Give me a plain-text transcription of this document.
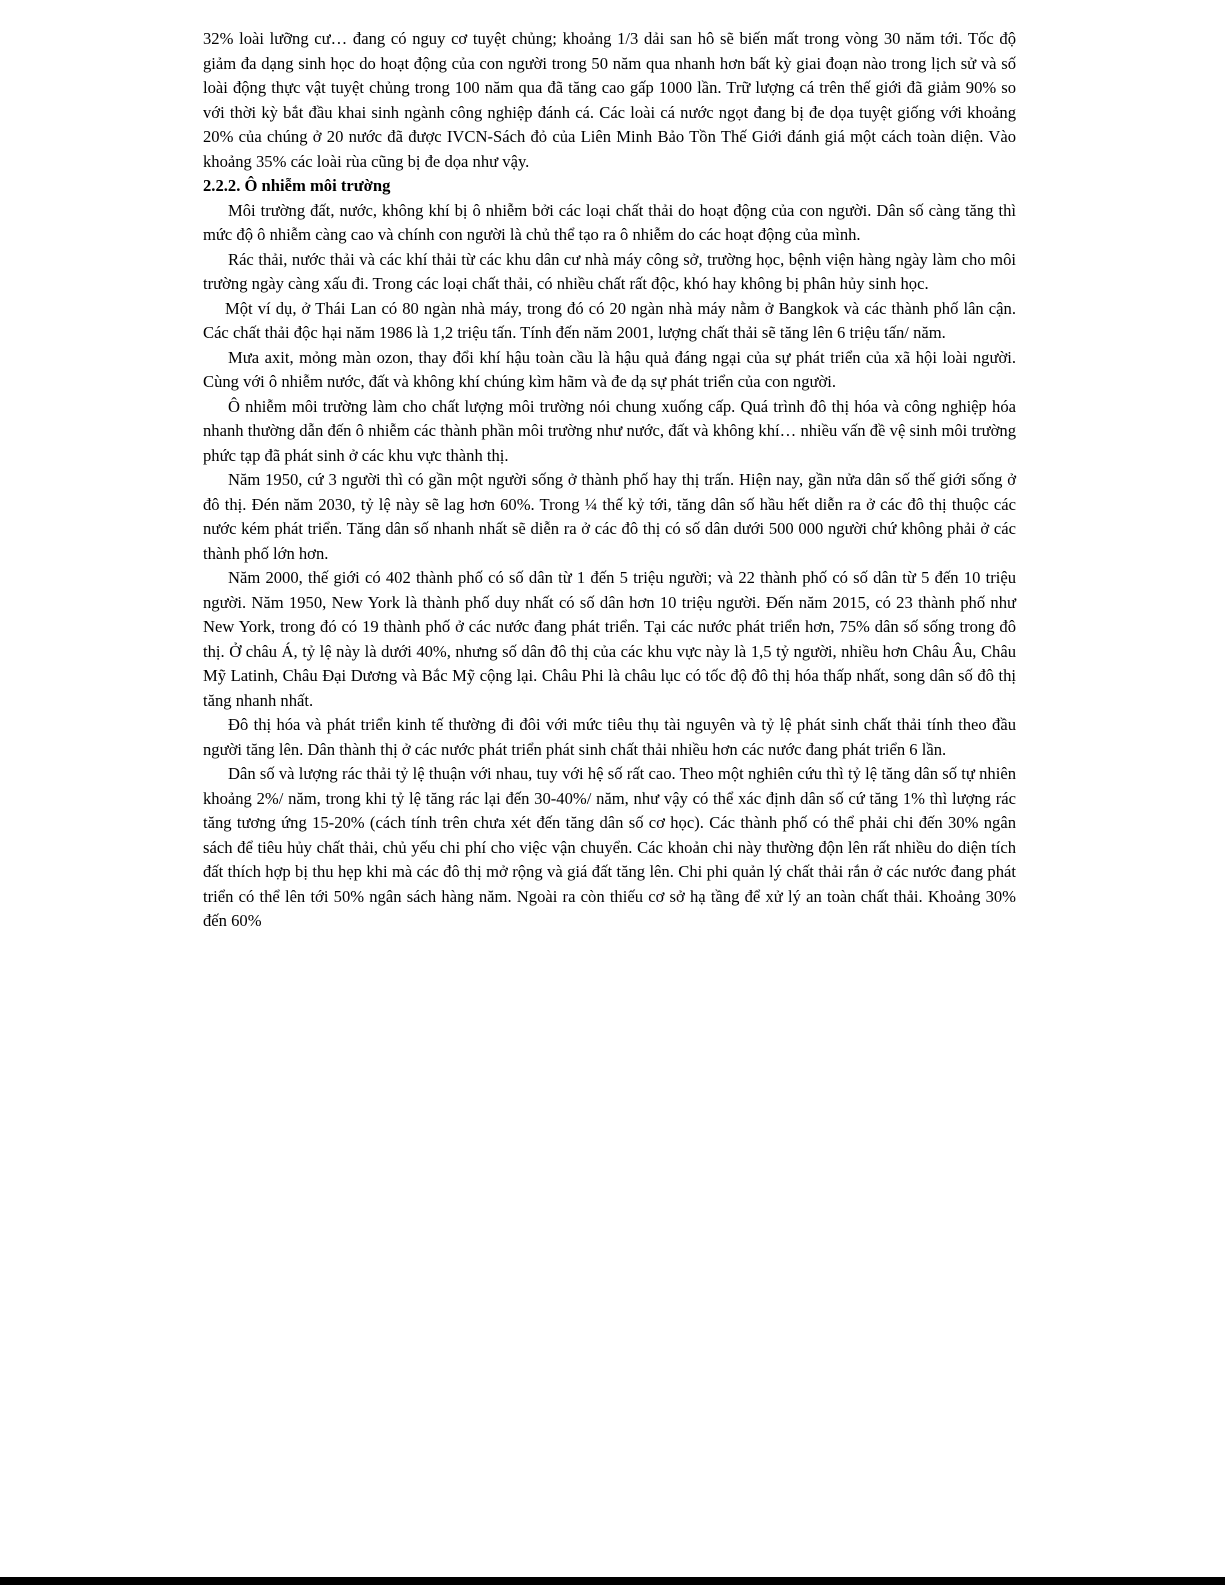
32% loài lưỡng cư… đang có nguy cơ tuyệt chủng; khoảng 1/3 dải san hô sẽ biến mất trong vòng 30 năm tới. Tốc độ giảm đa dạng sinh học do hoạt động của con người trong 50 năm qua nhanh hơn bất kỳ giai đoạn nào trong lịch sử và số loài động thực vật tuyệt chủng trong 100 năm qua đã tăng cao gấp 1000 lần. Trữ lượng cá trên thế giới đã giảm 90% so với thời kỳ bắt đầu khai sinh ngành công nghiệp đánh cá. Các loài cá nước ngọt đang bị đe dọa tuyệt giống với khoảng 20% của chúng ở 20 nước đã được IVCN-Sách đỏ của Liên Minh Bảo Tồn Thế Giới đánh giá một cách toàn diện. Vào khoảng 35% các loài rùa cũng bị đe dọa như vậy.

2.2.2. Ô nhiễm môi trường

Môi trường đất, nước, không khí bị ô nhiễm bởi các loại chất thải do hoạt động của con người. Dân số càng tăng thì mức độ ô nhiễm càng cao và chính con người là chủ thể tạo ra ô nhiễm do các hoạt động của mình.

Rác thải, nước thải và các khí thải từ các khu dân cư nhà máy công sở, trường học, bệnh viện hàng ngày làm cho môi trường ngày càng xấu đi. Trong các loại chất thải, có nhiều chất rất độc, khó hay không bị phân hủy sinh học.

Một ví dụ, ở Thái Lan có 80 ngàn nhà máy, trong đó có 20 ngàn nhà máy nằm ở Bangkok và các thành phố lân cận. Các chất thải độc hại năm 1986 là 1,2 triệu tấn. Tính đến năm 2001, lượng chất thải sẽ tăng lên 6 triệu tấn/ năm.

Mưa axit, mỏng màn ozon, thay đổi khí hậu toàn cầu là hậu quả đáng ngại của sự phát triển của xã hội loài người. Cùng với ô nhiễm nước, đất và không khí chúng kìm hãm và đe dạ sự phát triển của con người.

Ô nhiễm môi trường làm cho chất lượng môi trường nói chung xuống cấp. Quá trình đô thị hóa và công nghiệp hóa nhanh thường dẫn đến ô nhiễm các thành phần môi trường như nước, đất và không khí… nhiều vấn đề vệ sinh môi trường phức tạp đã phát sinh ở các khu vực thành thị.

Năm 1950, cứ 3 người thì có gần một người sống ở thành phố hay thị trấn. Hiện nay, gần nửa dân số thế giới sống ở đô thị. Đén năm 2030, tỷ lệ này sẽ lag hơn 60%. Trong ¼ thế kỷ tới, tăng dân số hầu hết diễn ra ở các đô thị thuộc các nước kém phát triển. Tăng dân số nhanh nhất sẽ diễn ra ở các đô thị có số dân dưới 500 000 người chứ không phải ở các thành phố lớn hơn.

Năm 2000, thế giới có 402 thành phố có số dân từ 1 đến 5 triệu người; và 22 thành phố có số dân từ 5 đến 10 triệu người. Năm 1950, New York là thành phố duy nhất có số dân hơn 10 triệu người. Đến năm 2015, có 23 thành phố như New York, trong đó có 19 thành phố ở các nước đang phát triển. Tại các nước phát triển hơn, 75% dân số sống trong đô thị. Ở châu Á, tỷ lệ này là dưới 40%, nhưng số dân đô thị của các khu vực này là 1,5 tỷ người, nhiều hơn Châu Âu, Châu Mỹ Latinh, Châu Đại Dương và Bắc Mỹ cộng lại. Châu Phi là châu lục có tốc độ đô thị hóa thấp nhất, song dân số đô thị tăng nhanh nhất.

Đô thị hóa và phát triển kinh tế thường đi đôi với mức tiêu thụ tài nguyên và tỷ lệ phát sinh chất thải tính theo đầu người tăng lên. Dân thành thị ở các nước phát triển phát sinh chất thải nhiều hơn các nước đang phát triển 6 lần.

Dân số và lượng rác thải tỷ lệ thuận với nhau, tuy với hệ số rất cao. Theo một nghiên cứu thì tỷ lệ tăng dân số tự nhiên khoảng 2%/ năm, trong khi tỷ lệ tăng rác lại đến 30-40%/ năm, như vậy có thể xác định dân số cứ tăng 1% thì lượng rác tăng tương ứng 15-20% (cách tính trên chưa xét đến tăng dân số cơ học). Các thành phố có thể phải chi đến 30% ngân sách để tiêu hủy chất thải, chủ yếu chi phí cho việc vận chuyển. Các khoản chi này thường độn lên rất nhiều do diện tích đất thích hợp bị thu hẹp khi mà các đô thị mở rộng và giá đất tăng lên. Chi phi quản lý chất thải rắn ở các nước đang phát triển có thể lên tới 50% ngân sách hàng năm. Ngoài ra còn thiếu cơ sở hạ tầng để xử lý an toàn chất thải. Khoảng 30% đến 60%
